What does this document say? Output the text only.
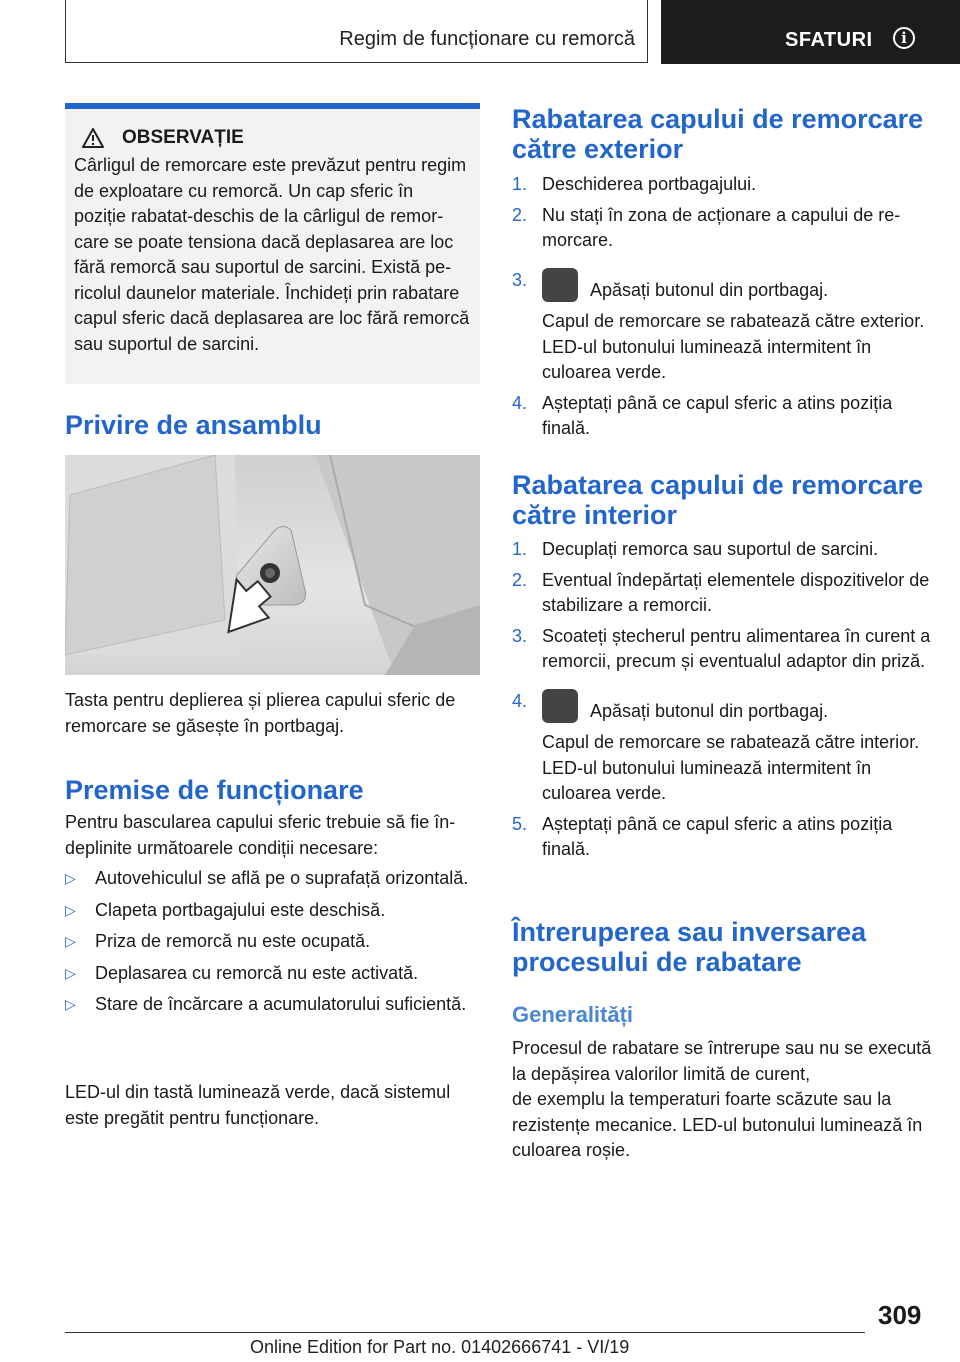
Regim de funcționare cu remorcă	SFATURI	i
OBSERVAȚIE

Cârligul de remorcare este prevăzut pentru regim de exploatare cu remorcă. Un cap sferic în poziție rabatat-deschis de la cârligul de remorcare se poate tensiona dacă deplasarea are loc fără remorcă sau suportul de sarcini. Există pericolul daunelor materiale. Închideți prin rabatare capul sferic dacă deplasarea are loc fără remorcă sau suportul de sarcini.

Privire de ansamblu

Tasta pentru deplierea și plierea capului sferic de remorcare se găsește în portbagaj.

Premise de funcționare

Pentru bascularea capului sferic trebuie să fie îndeplinite următoarele condiții necesare:

▷ Autovehiculul se află pe o suprafață orizontală.
▷ Clapeta portbagajului este deschisă.
▷ Priza de remorcă nu este ocupată.
▷ Deplasarea cu remorcă nu este activată.
▷ Stare de încărcare a acumulatorului suficientă.

LED-ul din tastă luminează verde, dacă sistemul este pregătit pentru funcționare.

Rabatarea capului de remorcare către exterior
1. Deschiderea portbagajului.
2. Nu stați în zona de acționare a capului de remorcare.
3.	Apăsați butonul din portbagaj.
Capul de remorcare se rabatează către exterior. LED-ul butonului luminează intermitent în culoarea verde.
4. Așteptați până ce capul sferic a atins poziția finală.
Rabatarea capului de remorcare către interior
1. Decuplați remorca sau suportul de sarcini.
2. Eventual îndepărtați elementele dispozitivelor de stabilizare a remorcii.
3. Scoateți ștecherul pentru alimentarea în curent a remorcii, precum și eventualul adaptor din priză.
4.	Apăsați butonul din portbagaj.
Capul de remorcare se rabatează către interior. LED-ul butonului luminează intermitent în culoarea verde.
5. Așteptați până ce capul sferic a atins poziția finală.
Întreruperea sau inversarea procesului de rabatare
Generalități

Procesul de rabatare se întrerupe sau nu se execută la depășirea valorilor limită de curent,

de exemplu la temperaturi foarte scăzute sau la rezistențe mecanice. LED-ul butonului luminează în culoarea roșie.

309
Online Edition for Part no. 01402666741 - VI/19
